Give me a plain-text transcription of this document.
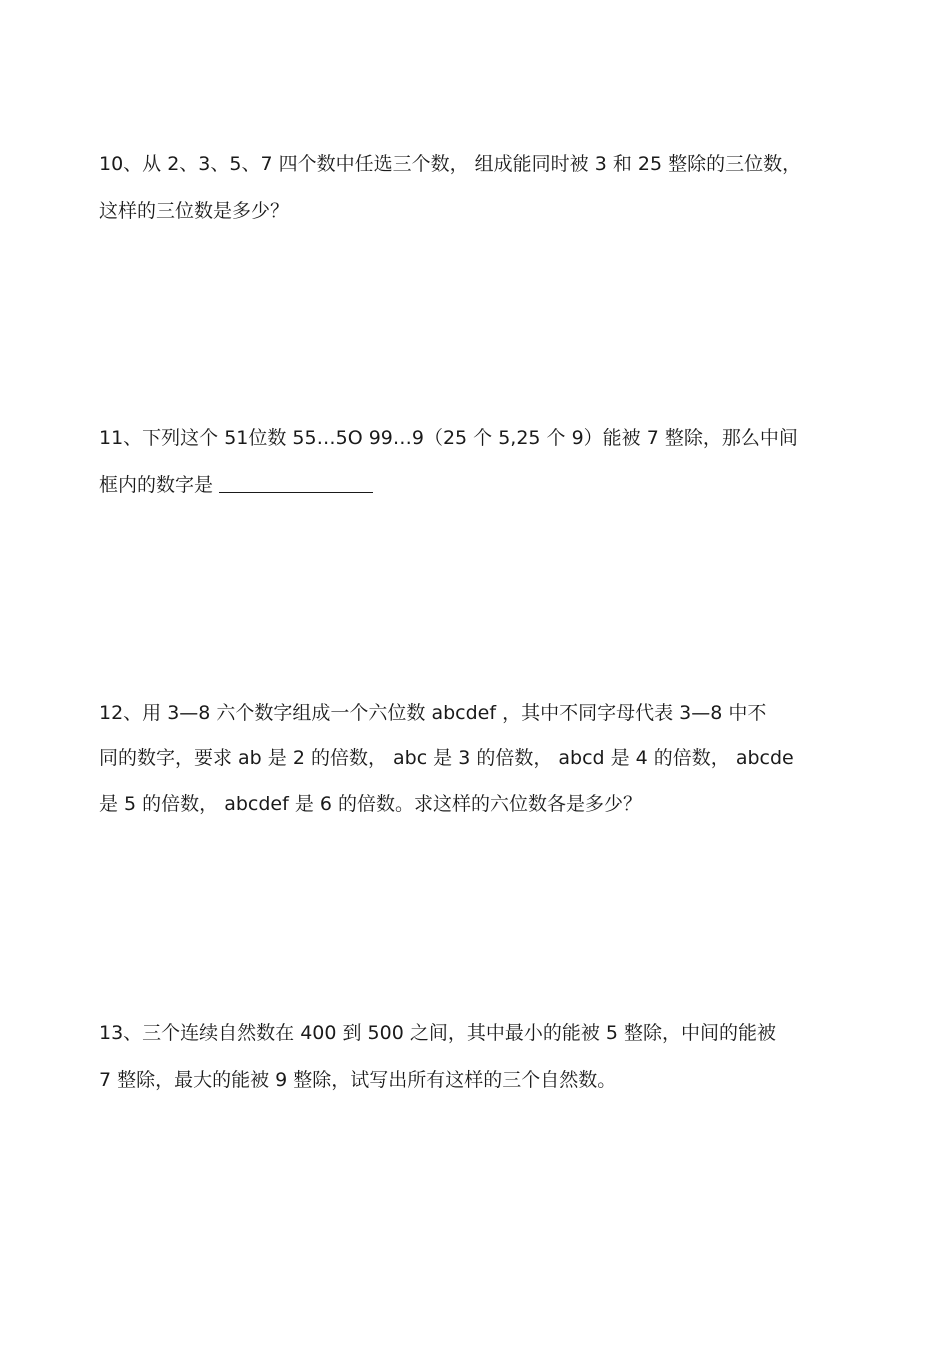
10、从 2、3、5、7 四个数中任选三个数， 组成能同时被 3 和 25 整除的三位数，
这样的三位数是多少？
11、下列这个 51位数 55…5O 99…9（25 个 5,25 个 9）能被 7 整除，那么中间
框内的数字是
12、用 3—8 六个数字组成一个六位数 abcdef ，其中不同字母代表 3—8 中不
同的数字，要求 ab 是 2 的倍数， abc 是 3 的倍数， abcd 是 4 的倍数， abcde
是 5 的倍数， abcdef 是 6 的倍数。求这样的六位数各是多少？
13、三个连续自然数在 400 到 500 之间，其中最小的能被 5 整除，中间的能被
7 整除，最大的能被 9 整除，试写出所有这样的三个自然数。
